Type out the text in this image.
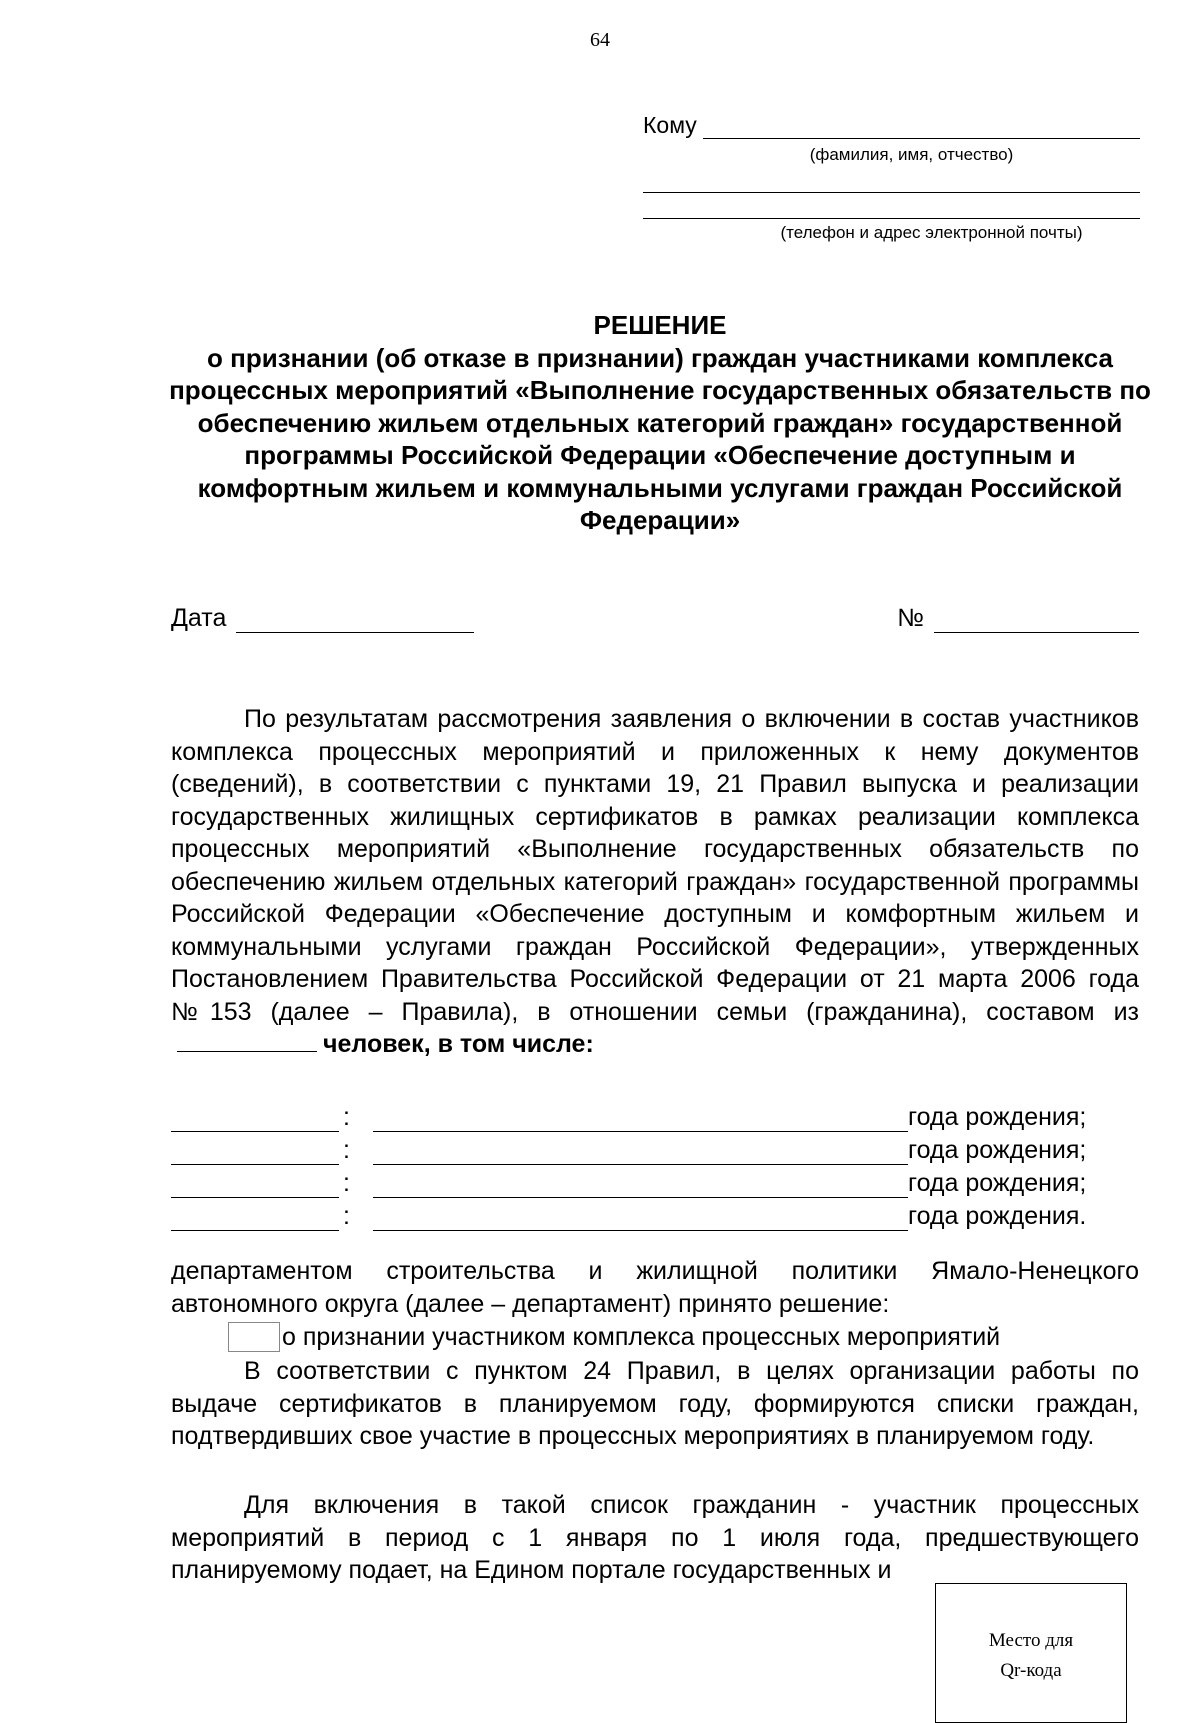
64
Кому
(фамилия, имя, отчество)
(телефон и адрес электронной почты)
РЕШЕНИЕ
о признании (об отказе в признании) граждан участниками комплекса процессных мероприятий «Выполнение государственных обязательств по обеспечению жильем отдельных категорий граждан» государственной программы Российской Федерации «Обеспечение доступным и комфортным жильем и коммунальными услугами граждан Российской Федерации»
Дата	№
По результатам рассмотрения заявления о включении в состав участников комплекса процессных мероприятий и приложенных к нему документов (сведений), в соответствии с пунктами 19, 21 Правил выпуска и реализации государственных жилищных сертификатов в рамках реализации комплекса процессных мероприятий «Выполнение государственных обязательств по обеспечению жильем отдельных категорий граждан» государственной программы Российской Федерации «Обеспечение доступным и комфортным жильем и коммунальными услугами граждан Российской Федерации», утвержденных Постановлением Правительства Российской Федерации от 21 марта 2006 года №153 (далее – Правила), в отношении семьи (гражданина), составом изчеловек, в том числе:
:	года рождения;
:	года рождения;
:	года рождения;
:	года рождения.
департаментом строительства и жилищной политики Ямало-Ненецкого автономного округа (далее – департамент) принято решение:
о признании участником комплекса процессных мероприятий
В соответствии с пунктом 24 Правил, в целях организации работы по выдаче сертификатов в планируемом году, формируются списки граждан, подтвердивших свое участие в процессных мероприятиях в планируемом году.
Для включения в такой список гражданин - участник процессных мероприятий в период с 1 января по 1 июля года, предшествующего планируемому подает, на Едином портале государственных и
Место для
Qr-кода
